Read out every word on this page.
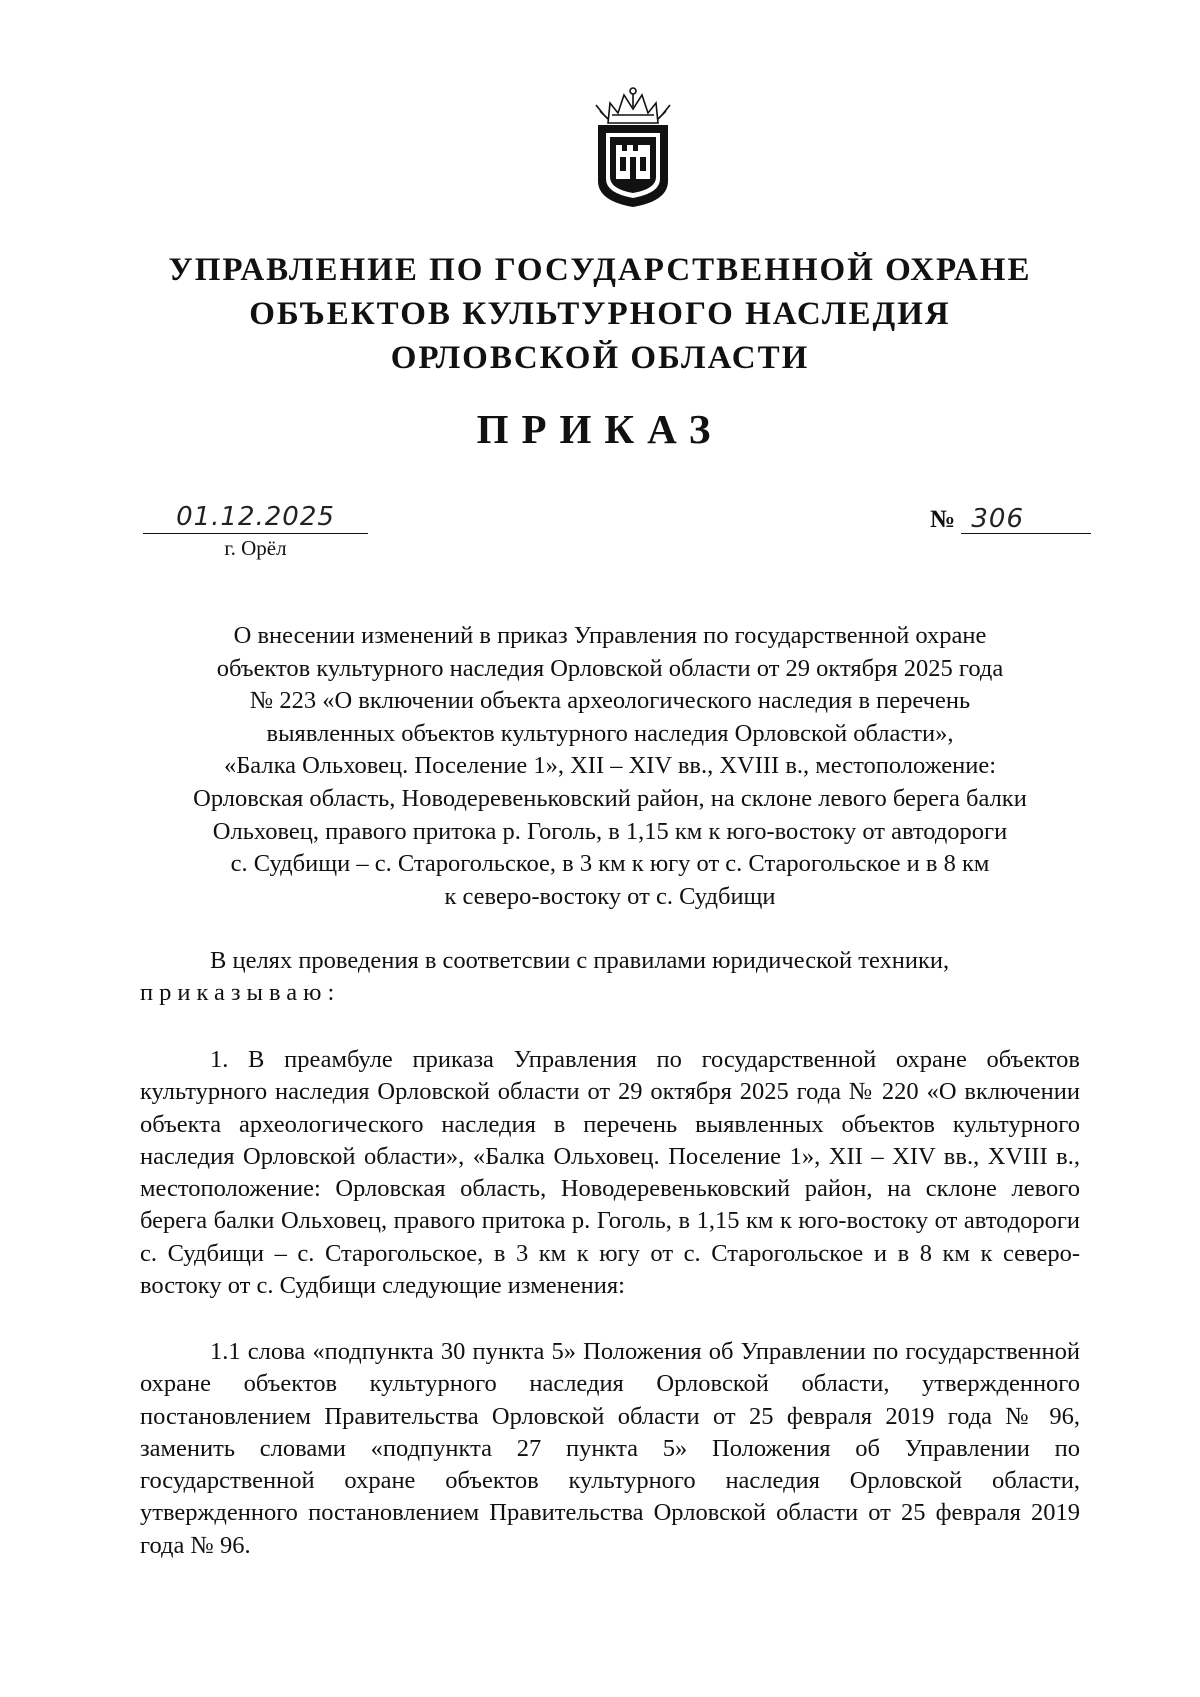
УПРАВЛЕНИЕ ПО ГОСУДАРСТВЕННОЙ ОХРАНЕ
ОБЪЕКТОВ КУЛЬТУРНОГО НАСЛЕДИЯ
ОРЛОВСКОЙ ОБЛАСТИ
ПРИКАЗ
01.12.2025
г. Орёл
№ 306
О внесении изменений в приказ Управления по государственной охране
объектов культурного наследия Орловской области от 29 октября 2025 года
№ 223 «О включении объекта археологического наследия в перечень
выявленных объектов культурного наследия Орловской области»,
«Балка Ольховец. Поселение 1», XII – XIV вв., XVIII в., местоположение:
Орловская область, Новодеревеньковский район, на склоне левого берега балки
Ольховец, правого притока р. Гоголь, в 1,15 км к юго-востоку от автодороги
с. Судбищи – с. Старогольское, в 3 км к югу от с. Старогольское и в 8 км
к северо-востоку от с. Судбищи
В целях проведения в соответсвии с правилами юридической техники,
приказываю:
1. В преамбуле приказа Управления по государственной охране объектов культурного наследия Орловской области от 29 октября 2025 года № 220 «О включении объекта археологического наследия в перечень выявленных объектов культурного наследия Орловской области», «Балка Ольховец. Поселение 1», XII – XIV вв., XVIII в., местоположение: Орловская область, Новодеревеньковский район, на склоне левого берега балки Ольховец, правого притока р. Гоголь, в 1,15 км к юго-востоку от автодороги с. Судбищи – с. Старогольское, в 3 км к югу от с. Старогольское и в 8 км к северо-востоку от с. Судбищи следующие изменения:
1.1 слова «подпункта 30 пункта 5» Положения об Управлении по государственной охране объектов культурного наследия Орловской области, утвержденного постановлением Правительства Орловской области от 25 февраля 2019 года № 96, заменить словами «подпункта 27 пункта 5» Положения об Управлении по государственной охране объектов культурного наследия Орловской области, утвержденного постановлением Правительства Орловской области от 25 февраля 2019 года № 96.
